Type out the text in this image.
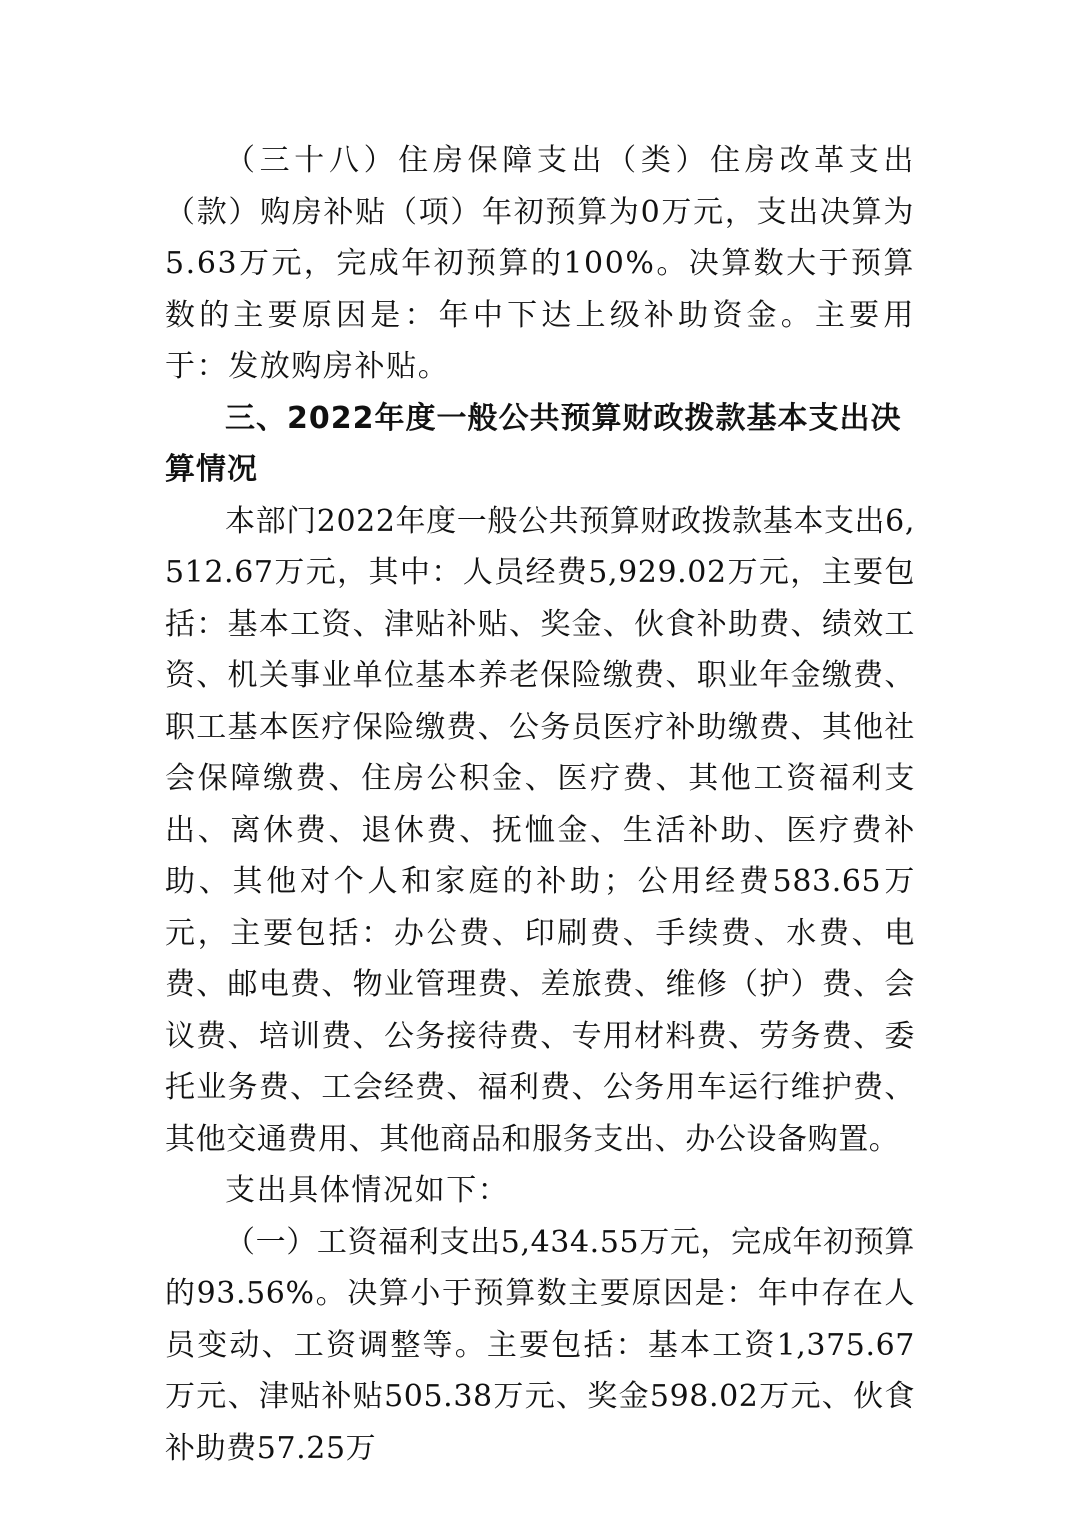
（三十八）住房保障支出（类）住房改革支出（款）购房补贴（项）年初预算为0万元，支出决算为5.63万元，完成年初预算的100%。决算数大于预算数的主要原因是：年中下达上级补助资金。主要用于：发放购房补贴。

三、2022年度一般公共预算财政拨款基本支出决算情况

本部门2022年度一般公共预算财政拨款基本支出6,512.67万元，其中：人员经费5,929.02万元，主要包括：基本工资、津贴补贴、奖金、伙食补助费、绩效工资、机关事业单位基本养老保险缴费、职业年金缴费、职工基本医疗保险缴费、公务员医疗补助缴费、其他社会保障缴费、住房公积金、医疗费、其他工资福利支出、离休费、退休费、抚恤金、生活补助、医疗费补助、其他对个人和家庭的补助；公用经费583.65万元，主要包括：办公费、印刷费、手续费、水费、电费、邮电费、物业管理费、差旅费、维修（护）费、会议费、培训费、公务接待费、专用材料费、劳务费、委托业务费、工会经费、福利费、公务用车运行维护费、其他交通费用、其他商品和服务支出、办公设备购置。

支出具体情况如下：

（一）工资福利支出5,434.55万元，完成年初预算的93.56%。决算小于预算数主要原因是：年中存在人员变动、工资调整等。主要包括：基本工资1,375.67万元、津贴补贴505.38万元、奖金598.02万元、伙食补助费57.25万
